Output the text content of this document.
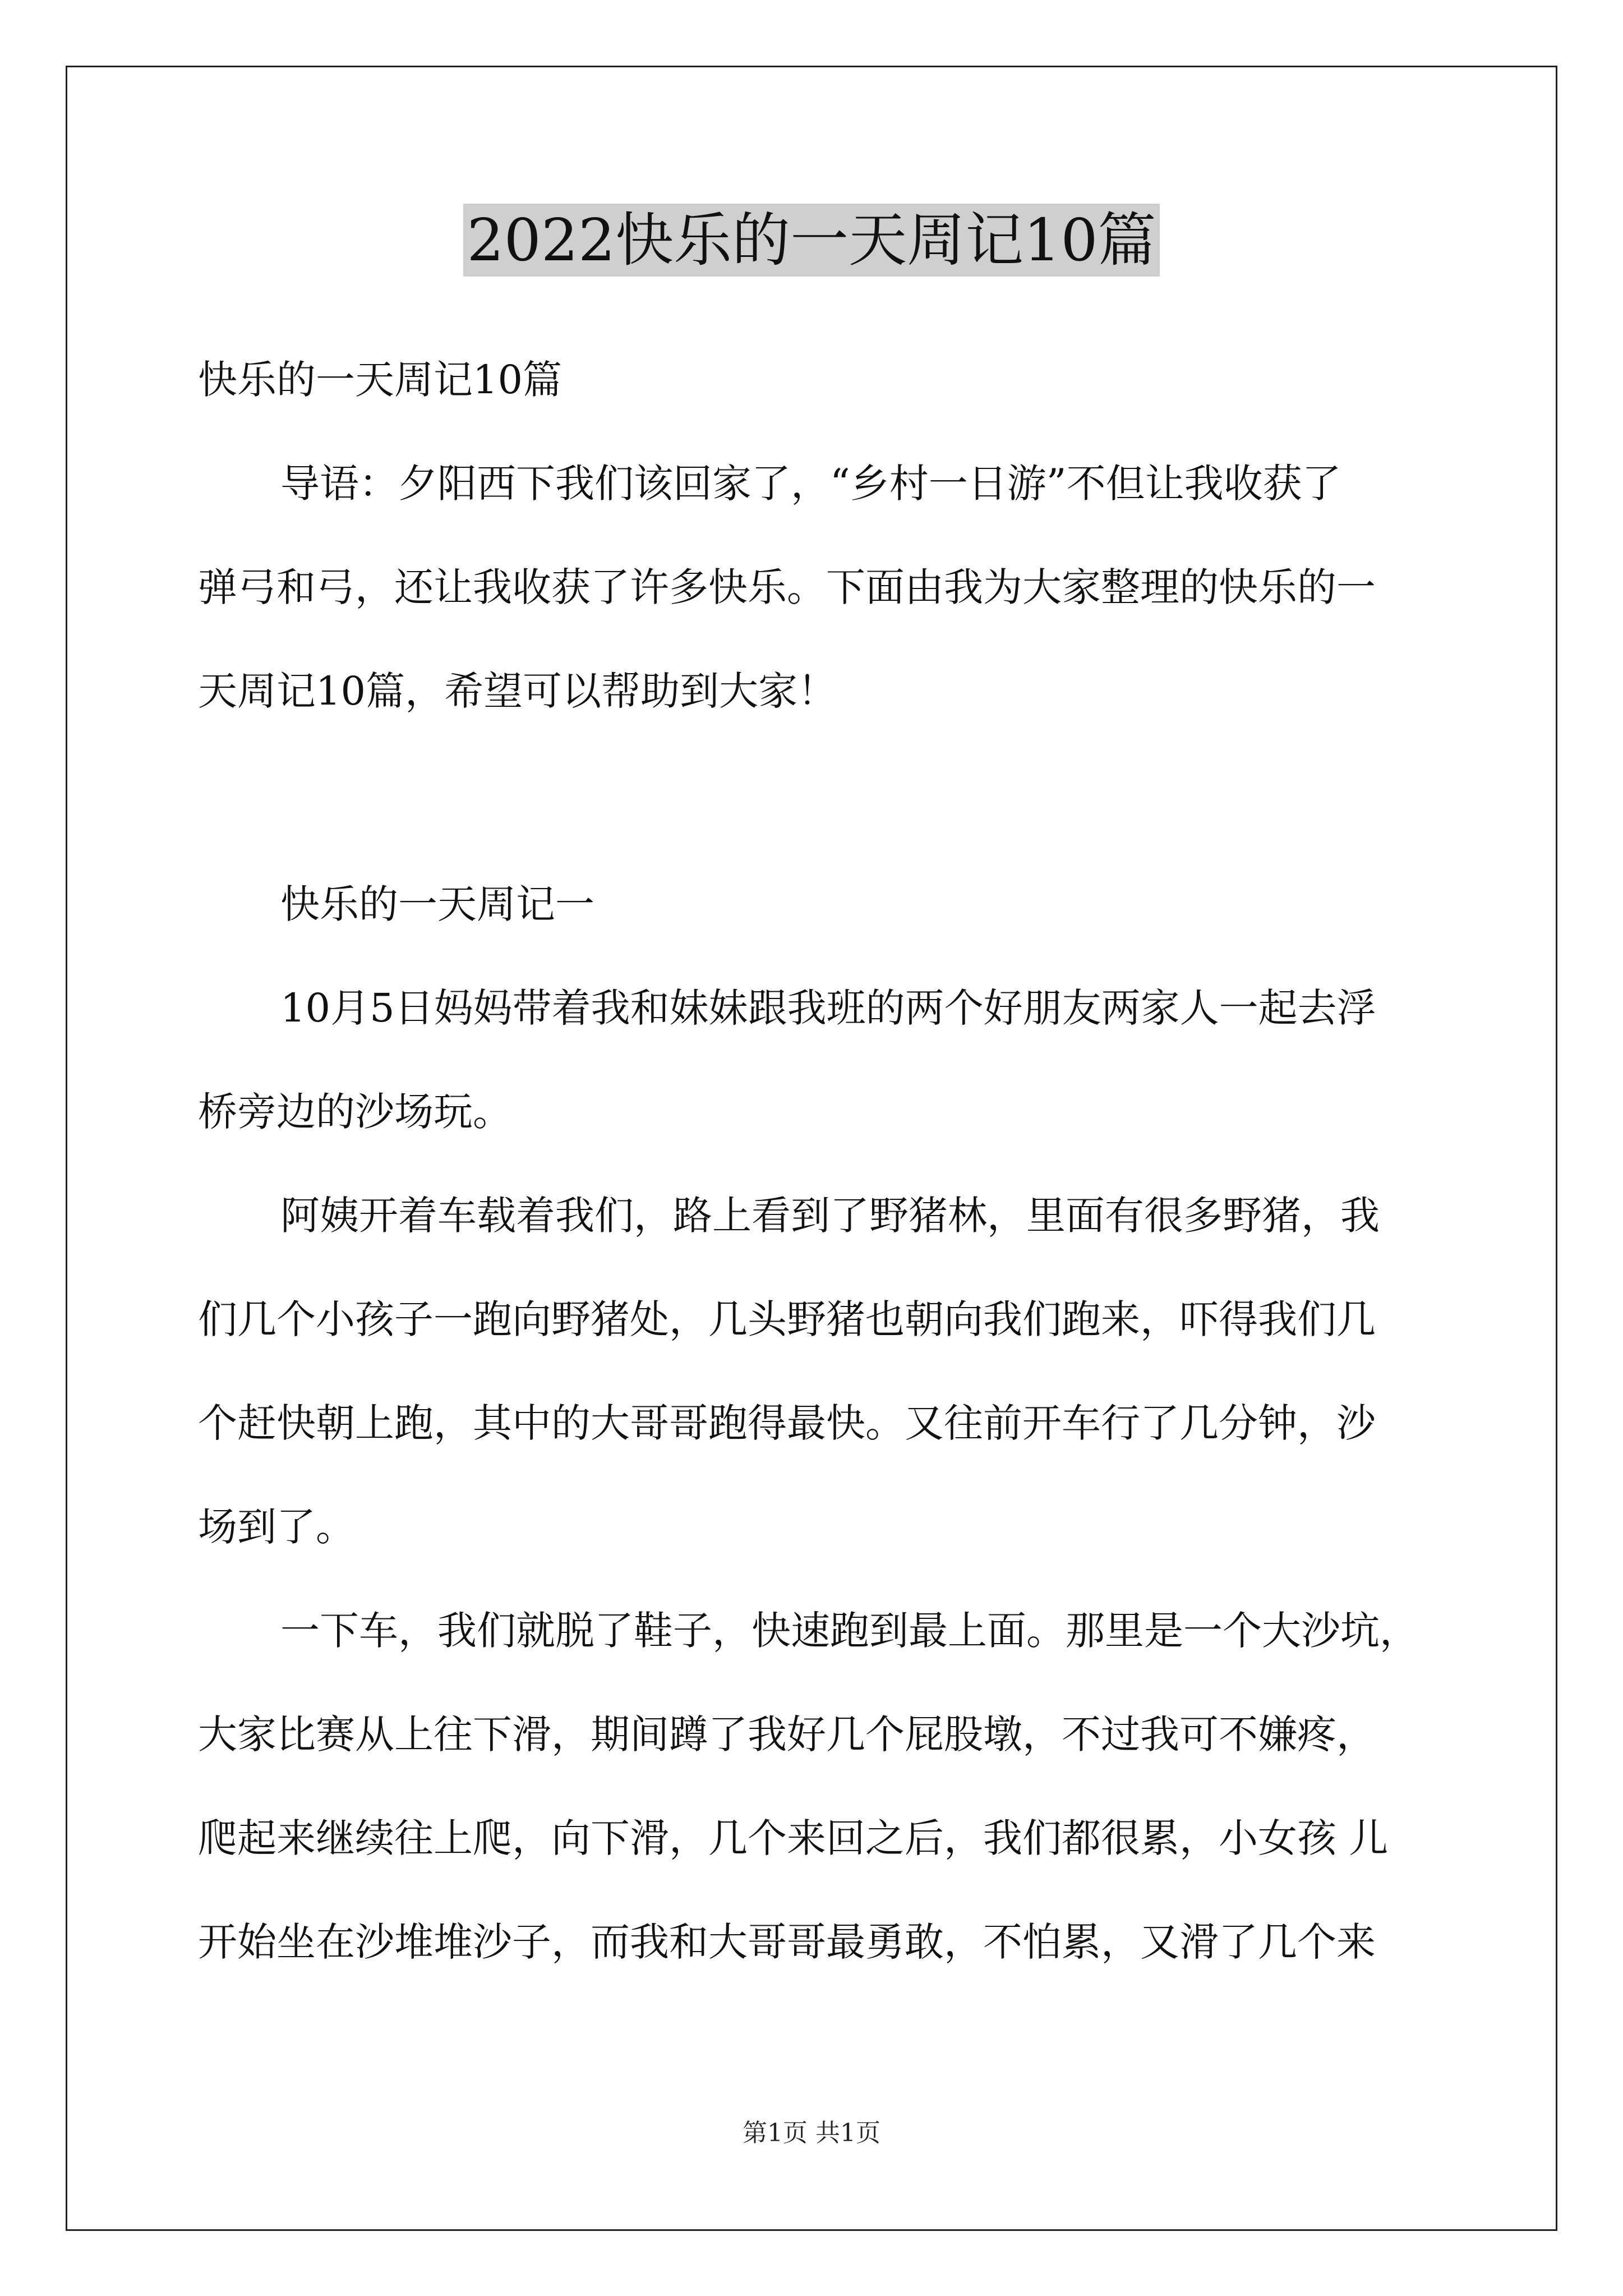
2022快乐的一天周记10篇
快乐的一天周记10篇
导语：夕阳西下我们该回家了，“乡村一日游”不但让我收获了
弹弓和弓，还让我收获了许多快乐。下面由我为大家整理的快乐的一
天周记10篇，希望可以帮助到大家！
快乐的一天周记一
10月5日妈妈带着我和妹妹跟我班的两个好朋友两家人一起去浮
桥旁边的沙场玩。
阿姨开着车载着我们，路上看到了野猪林，里面有很多野猪，我
们几个小孩子一跑向野猪处，几头野猪也朝向我们跑来，吓得我们几
个赶快朝上跑，其中的大哥哥跑得最快。又往前开车行了几分钟，沙
场到了。
一下车，我们就脱了鞋子，快速跑到最上面。那里是一个大沙坑，
大家比赛从上往下滑，期间蹲了我好几个屁股墩，不过我可不嫌疼，
爬起来继续往上爬，向下滑，几个来回之后，我们都很累，小女孩 儿
开始坐在沙堆堆沙子，而我和大哥哥最勇敢，不怕累，又滑了几个来
第1页 共1页
